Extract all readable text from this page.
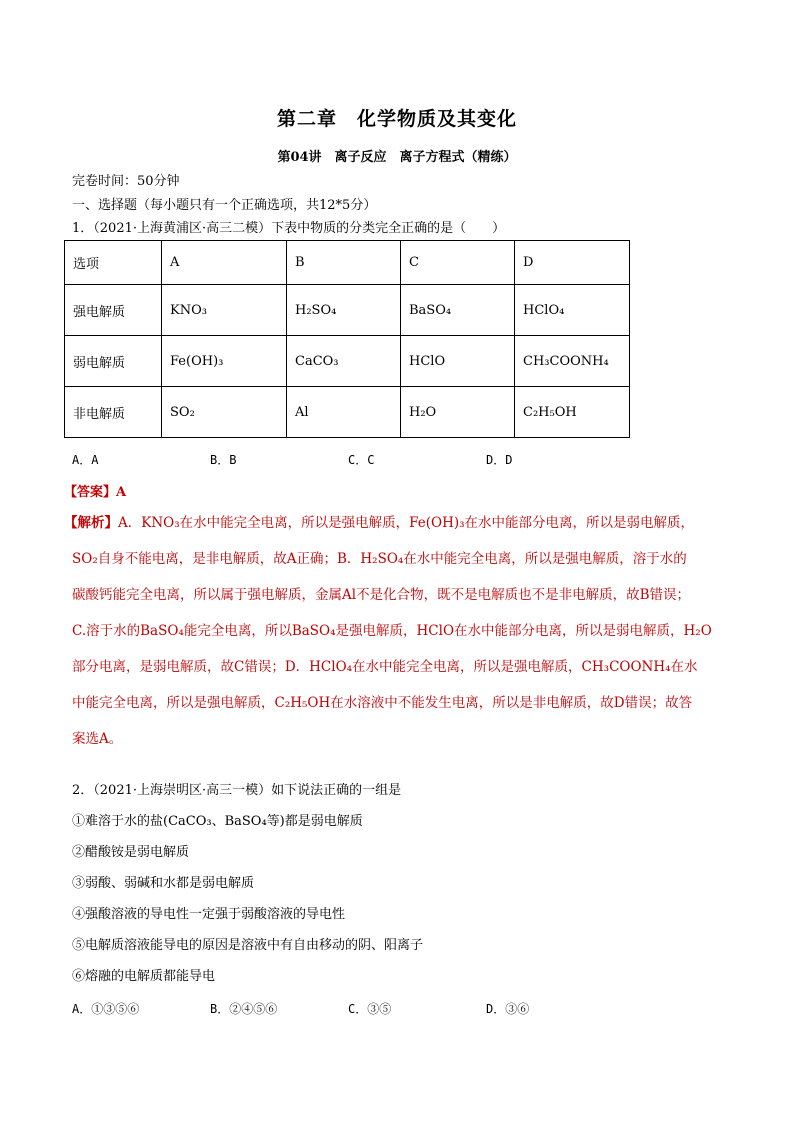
第二章　化学物质及其变化
第04讲　离子反应　离子方程式（精练）
完卷时间：50分钟
一、选择题（每小题只有一个正确选项，共12*5分）
1．（2021·上海黄浦区·高三二模）下表中物质的分类完全正确的是（　　）
选项	A	B	C	D
强电解质	KNO₃	H₂SO₄	BaSO₄	HClO₄
弱电解质	Fe(OH)₃	CaCO₃	HClO	CH₃COONH₄
非电解质	SO₂	Al	H₂O	C₂H₅OH
A．A	B．B	C．C	D．D
【答案】A
【解析】A．KNO₃在水中能完全电离，所以是强电解质，Fe(OH)₃在水中能部分电离，所以是弱电解质，
SO₂自身不能电离，是非电解质，故A正确；B．H₂SO₄在水中能完全电离，所以是强电解质，溶于水的
碳酸钙能完全电离，所以属于强电解质，金属Al不是化合物，既不是电解质也不是非电解质，故B错误；
C.溶于水的BaSO₄能完全电离，所以BaSO₄是强电解质，HClO在水中能部分电离，所以是弱电解质，H₂O
部分电离，是弱电解质，故C错误；D．HClO₄在水中能完全电离，所以是强电解质，CH₃COONH₄在水
中能完全电离，所以是强电解质，C₂H₅OH在水溶液中不能发生电离，所以是非电解质，故D错误；故答
案选A。
2．（2021·上海崇明区·高三一模）如下说法正确的一组是
①难溶于水的盐(CaCO₃、BaSO₄等)都是弱电解质
②醋酸铵是弱电解质
③弱酸、弱碱和水都是弱电解质
④强酸溶液的导电性一定强于弱酸溶液的导电性
⑤电解质溶液能导电的原因是溶液中有自由移动的阴、阳离子
⑥熔融的电解质都能导电
A．①③⑤⑥	B．②④⑤⑥	C．③⑤	D．③⑥
